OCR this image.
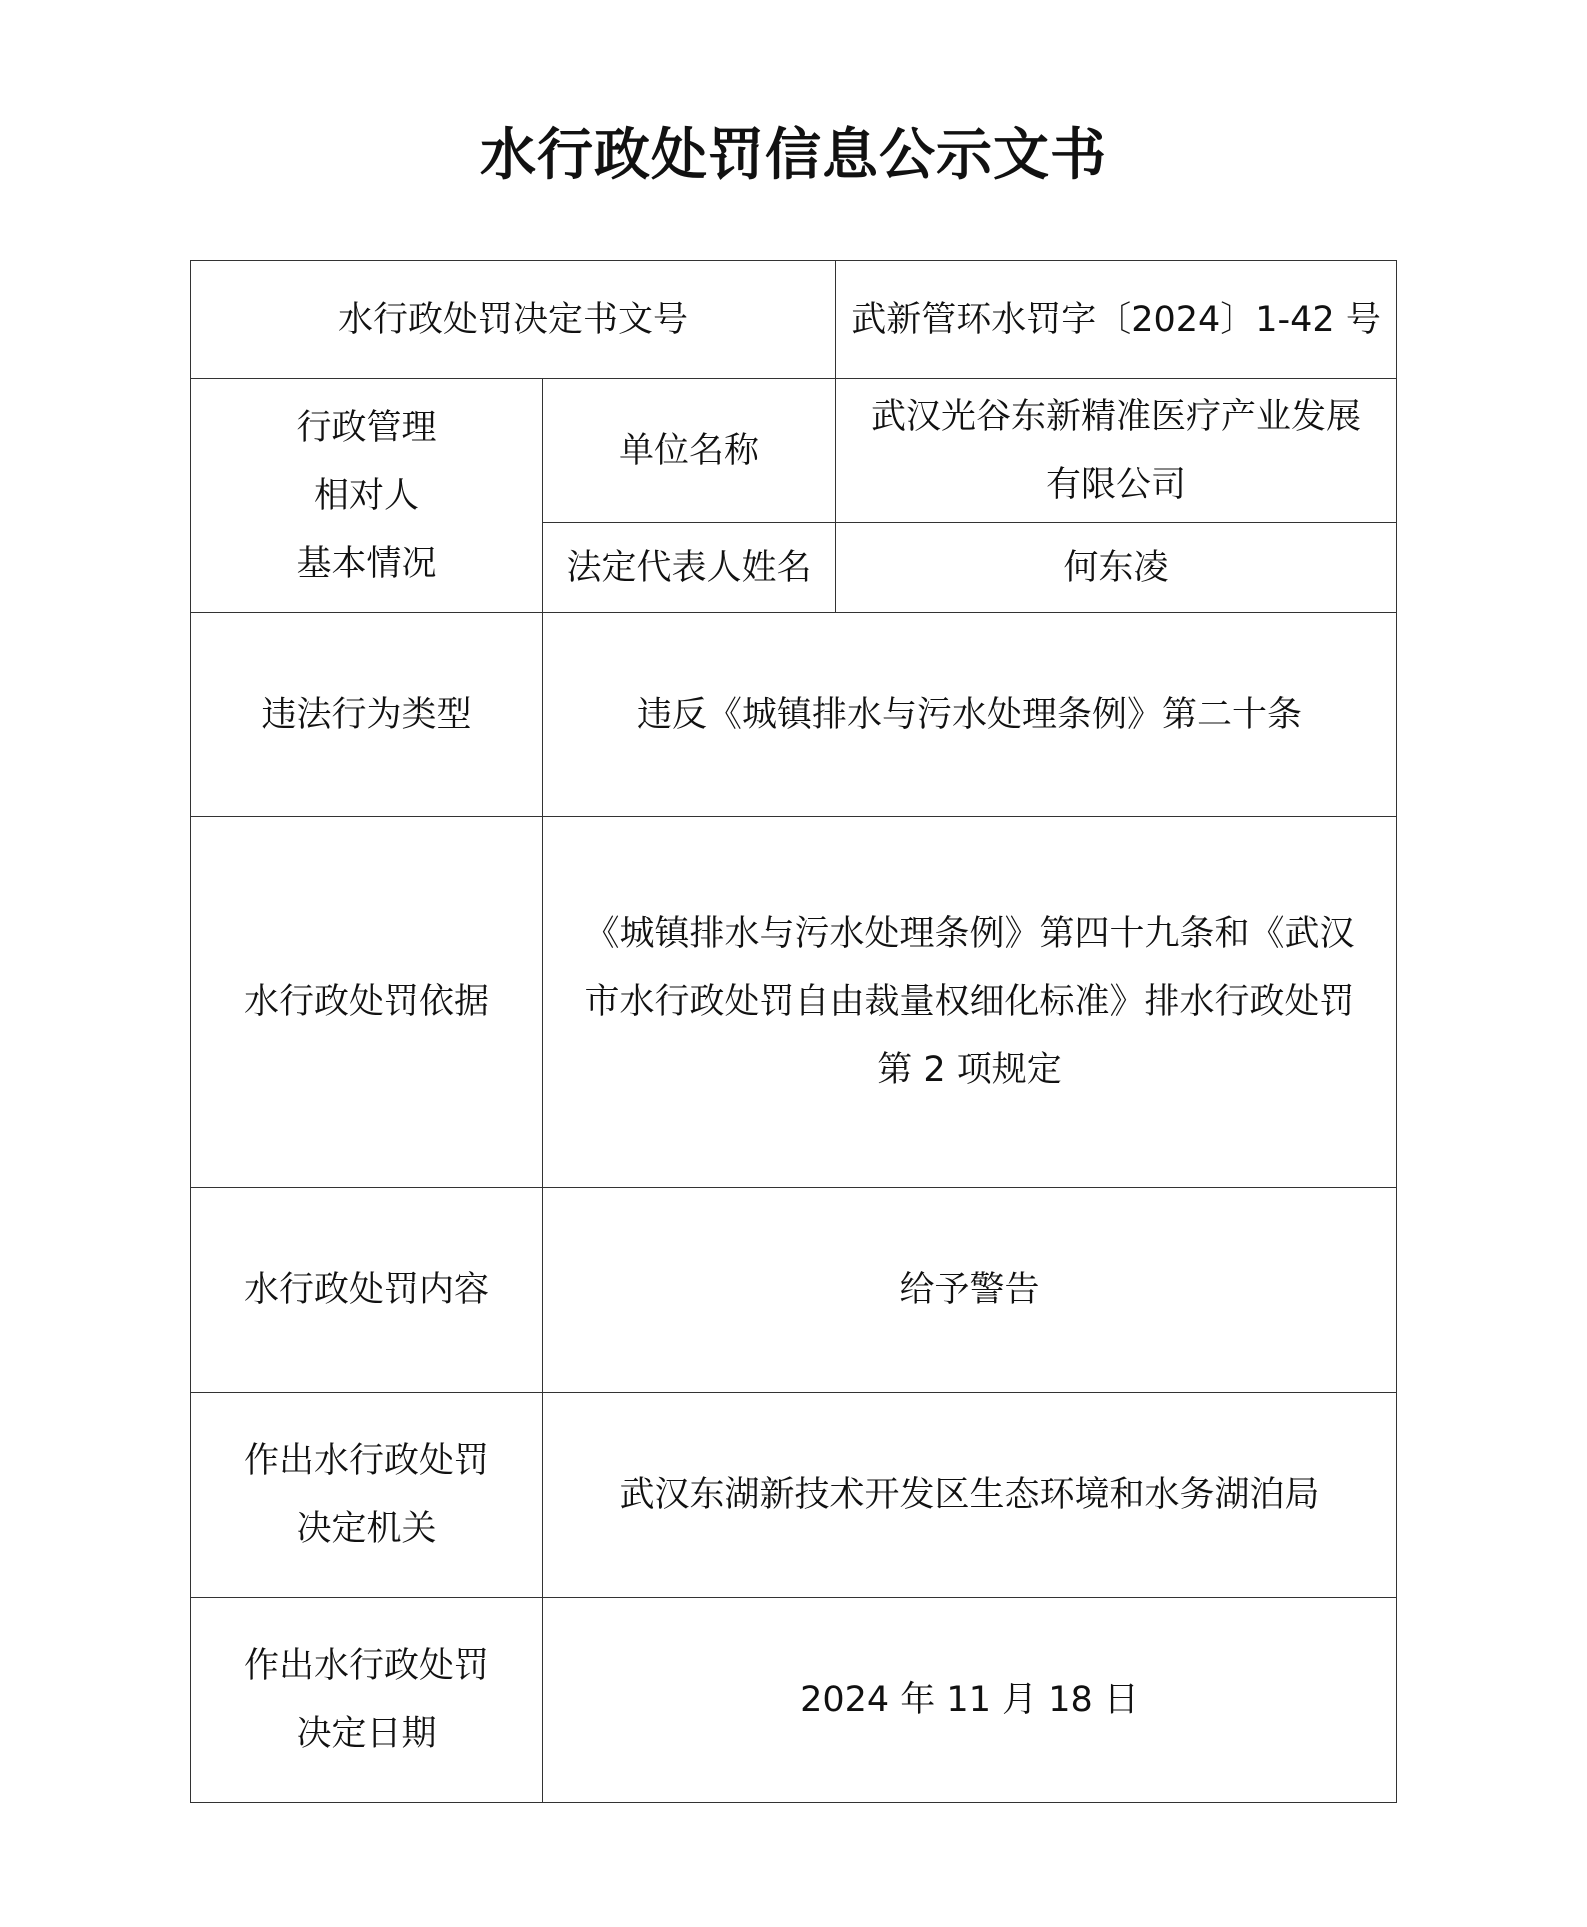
水行政处罚信息公示文书
水行政处罚决定书文号		武新管环水罚字〔2024〕1-42 号

行政管理
相对人
基本情况	单位名称	武汉光谷东新精准医疗产业发展
有限公司

	法定代表人姓名	何东凌
违法行为类型	违反《城镇排水与污水处理条例》第二十条	
水行政处罚依据	《城镇排水与污水处理条例》第四十九条和《武汉
市水行政处罚自由裁量权细化标准》排水行政处罚
第 2 项规定	

水行政处罚内容	给予警告	

作出水行政处罚
决定机关	武汉东湖新技术开发区生态环境和水务湖泊局	

作出水行政处罚
决定日期	2024 年 11 月 18 日	
